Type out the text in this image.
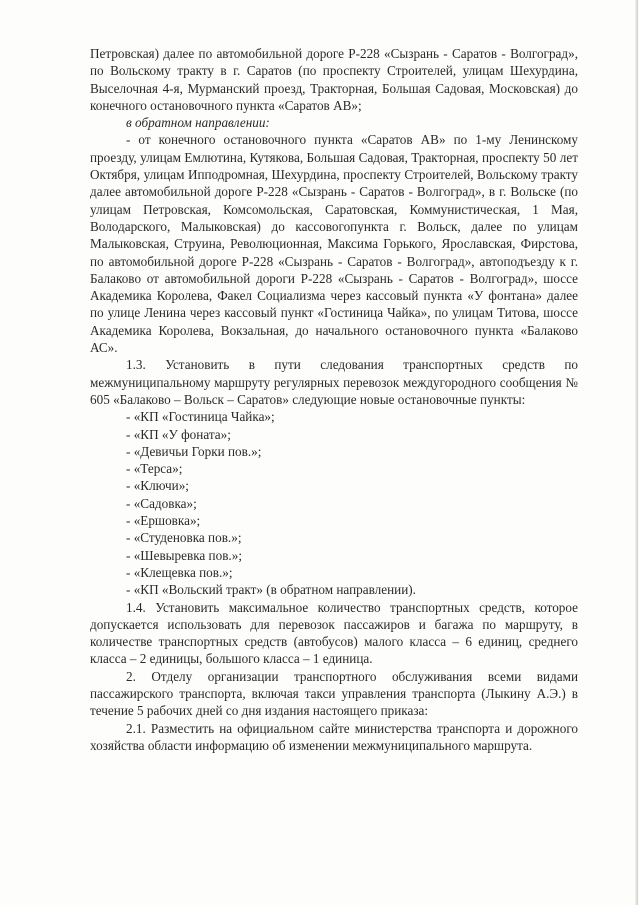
Петровская) далее по автомобильной дороге Р-228 «Сызрань - Саратов - Волгоград», по Вольскому тракту в г. Саратов (по проспекту Строителей, улицам Шехурдина, Выселочная 4-я, Мурманский проезд, Тракторная, Большая Садовая, Московская) до конечного остановочного пункта «Саратов АВ»;

в обратном направлении:

- от конечного остановочного пункта «Саратов АВ» по 1-му Ленинскому проезду, улицам Емлютина, Кутякова, Большая Садовая, Тракторная, проспекту 50 лет Октября, улицам Ипподромная, Шехурдина, проспекту Строителей, Вольскому тракту далее автомобильной дороге Р-228 «Сызрань - Саратов - Волгоград», в г. Вольске (по улицам Петровская, Комсомольская, Саратовская, Коммунистическая, 1 Мая, Володарского, Малыковская) до кассовогопункта г. Вольск, далее по улицам Малыковская, Струина, Революционная, Максима Горького, Ярославская, Фирстова, по автомобильной дороге Р-228 «Сызрань - Саратов - Волгоград», автоподъезду к г. Балаково от автомобильной дороги Р-228 «Сызрань - Саратов - Волгоград», шоссе Академика Королева, Факел Социализма через кассовый пункта «У фонтана» далее по улице Ленина через кассовый пункт «Гостиница Чайка», по улицам Титова, шоссе Академика Королева, Вокзальная, до начального остановочного пункта «Балаково АС».

1.3. Установить в пути следования транспортных средств по межмуниципальному маршруту регулярных перевозок междугородного сообщения № 605 «Балаково – Вольск – Саратов» следующие новые остановочные пункты:

- «КП «Гостиница Чайка»;
- «КП «У фоната»;
- «Девичьи Горки пов.»;
- «Терса»;
- «Ключи»;
- «Садовка»;
- «Ершовка»;
- «Студеновка пов.»;
- «Шевыревка пов.»;
- «Клещевка пов.»;
- «КП «Вольский тракт» (в обратном направлении).

1.4. Установить максимальное количество транспортных средств, которое допускается использовать для перевозок пассажиров и багажа по маршруту, в количестве транспортных средств (автобусов) малого класса – 6 единиц, среднего класса – 2 единицы, большого класса – 1 единица.

2. Отделу организации транспортного обслуживания всеми видами пассажирского транспорта, включая такси управления транспорта (Лыкину А.Э.) в течение 5 рабочих дней со дня издания настоящего приказа:

2.1. Разместить на официальном сайте министерства транспорта и дорожного хозяйства области информацию об изменении межмуниципального маршрута.
